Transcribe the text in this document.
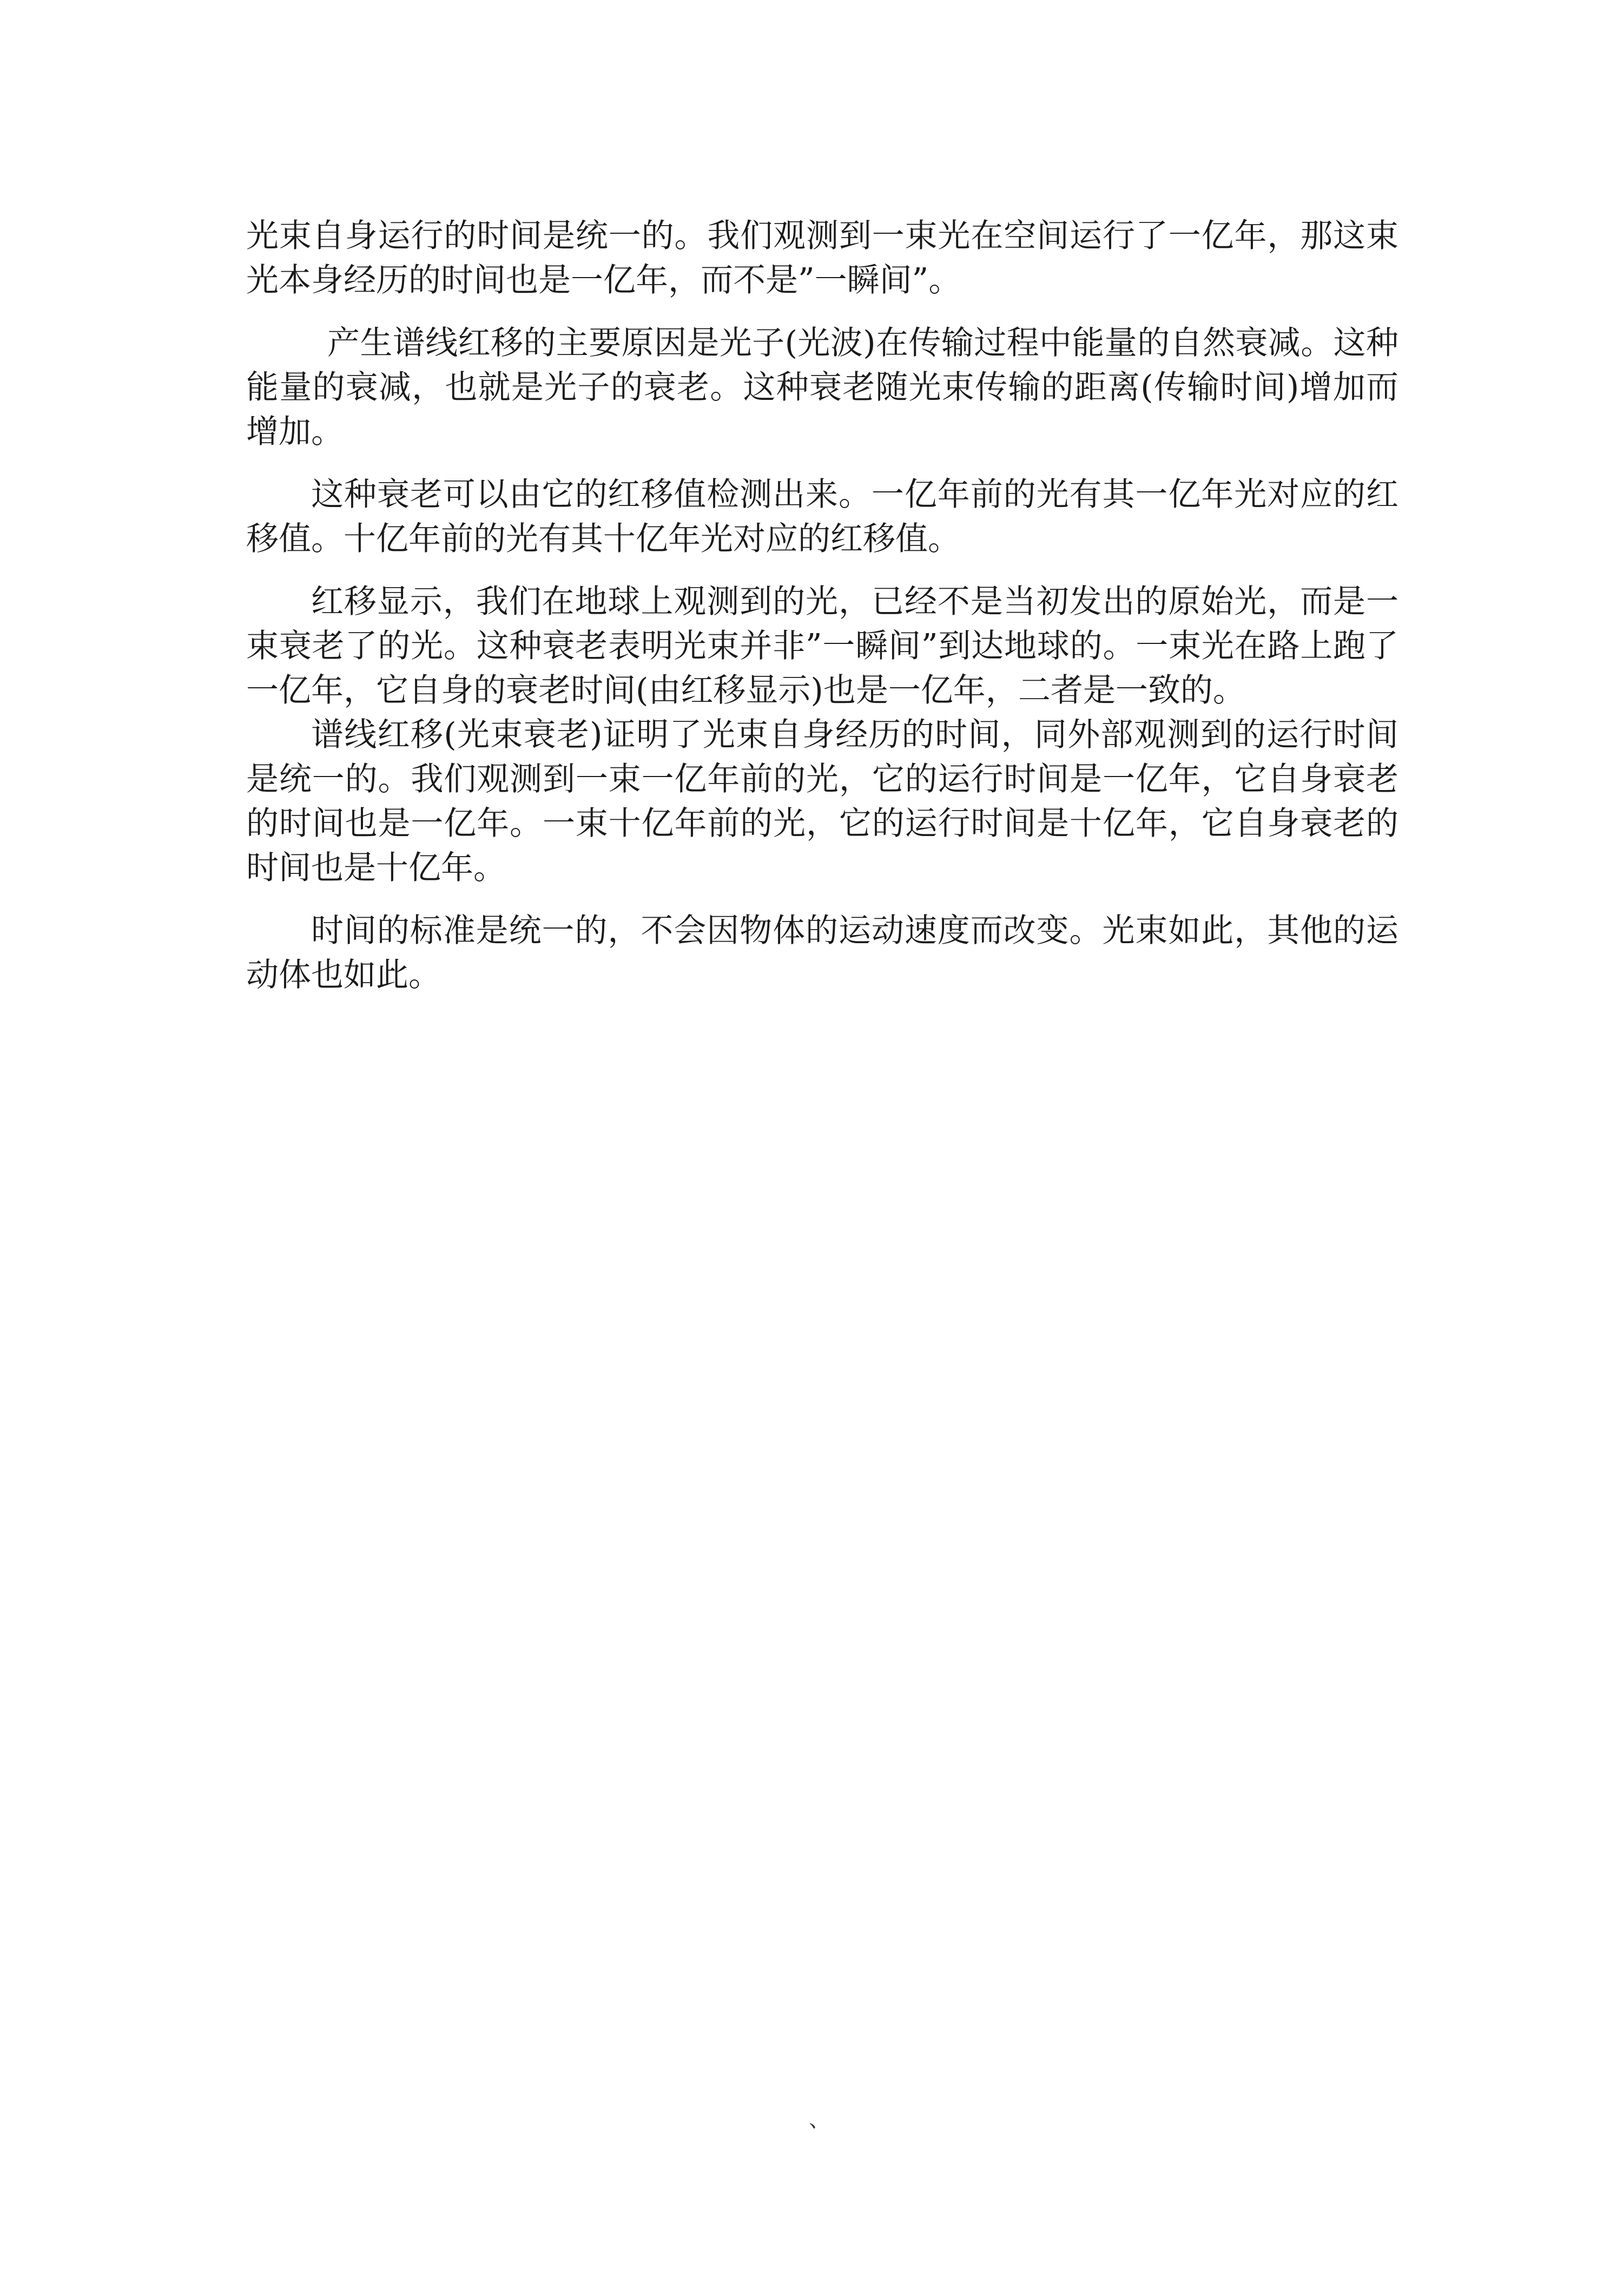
光束自身运行的时间是统一的。我们观测到一束光在空间运行了一亿年，那这束光本身经历的时间也是一亿年，而不是”一瞬间”。

产生谱线红移的主要原因是光子(光波)在传输过程中能量的自然衰减。这种能量的衰减，也就是光子的衰老。这种衰老随光束传输的距离(传输时间)增加而增加。

这种衰老可以由它的红移值检测出来。一亿年前的光有其一亿年光对应的红移值。十亿年前的光有其十亿年光对应的红移值。

红移显示，我们在地球上观测到的光，已经不是当初发出的原始光，而是一束衰老了的光。这种衰老表明光束并非”一瞬间”到达地球的。一束光在路上跑了一亿年，它自身的衰老时间(由红移显示)也是一亿年，二者是一致的。

谱线红移(光束衰老)证明了光束自身经历的时间，同外部观测到的运行时间是统一的。我们观测到一束一亿年前的光，它的运行时间是一亿年，它自身衰老的时间也是一亿年。一束十亿年前的光，它的运行时间是十亿年，它自身衰老的时间也是十亿年。

时间的标准是统一的，不会因物体的运动速度而改变。光束如此，其他的运动体也如此。

、
